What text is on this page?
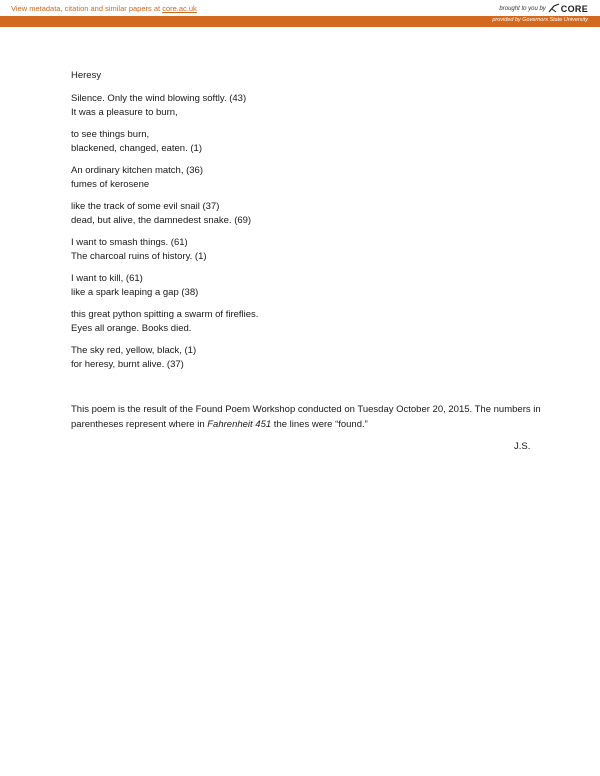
View metadata, citation and similar papers at core.ac.uk	brought to you by CORE
provided by Governors State University
Heresy
Silence. Only the wind blowing softly. (43)
It was a pleasure to burn,
to see things burn,
blackened, changed, eaten. (1)
An ordinary kitchen match, (36)
fumes of kerosene
like the track of some evil snail (37)
dead, but alive, the damnedest snake. (69)
I want to smash things. (61)
The charcoal ruins of history. (1)
I want to kill, (61)
like a spark leaping a gap (38)
this great python spitting a swarm of fireflies.
Eyes all orange. Books died.
The sky red, yellow, black, (1)
for heresy, burnt alive. (37)
This poem is the result of the Found Poem Workshop conducted on Tuesday October 20, 2015. The numbers in parentheses represent where in Fahrenheit 451 the lines were “found.”
J.S.
